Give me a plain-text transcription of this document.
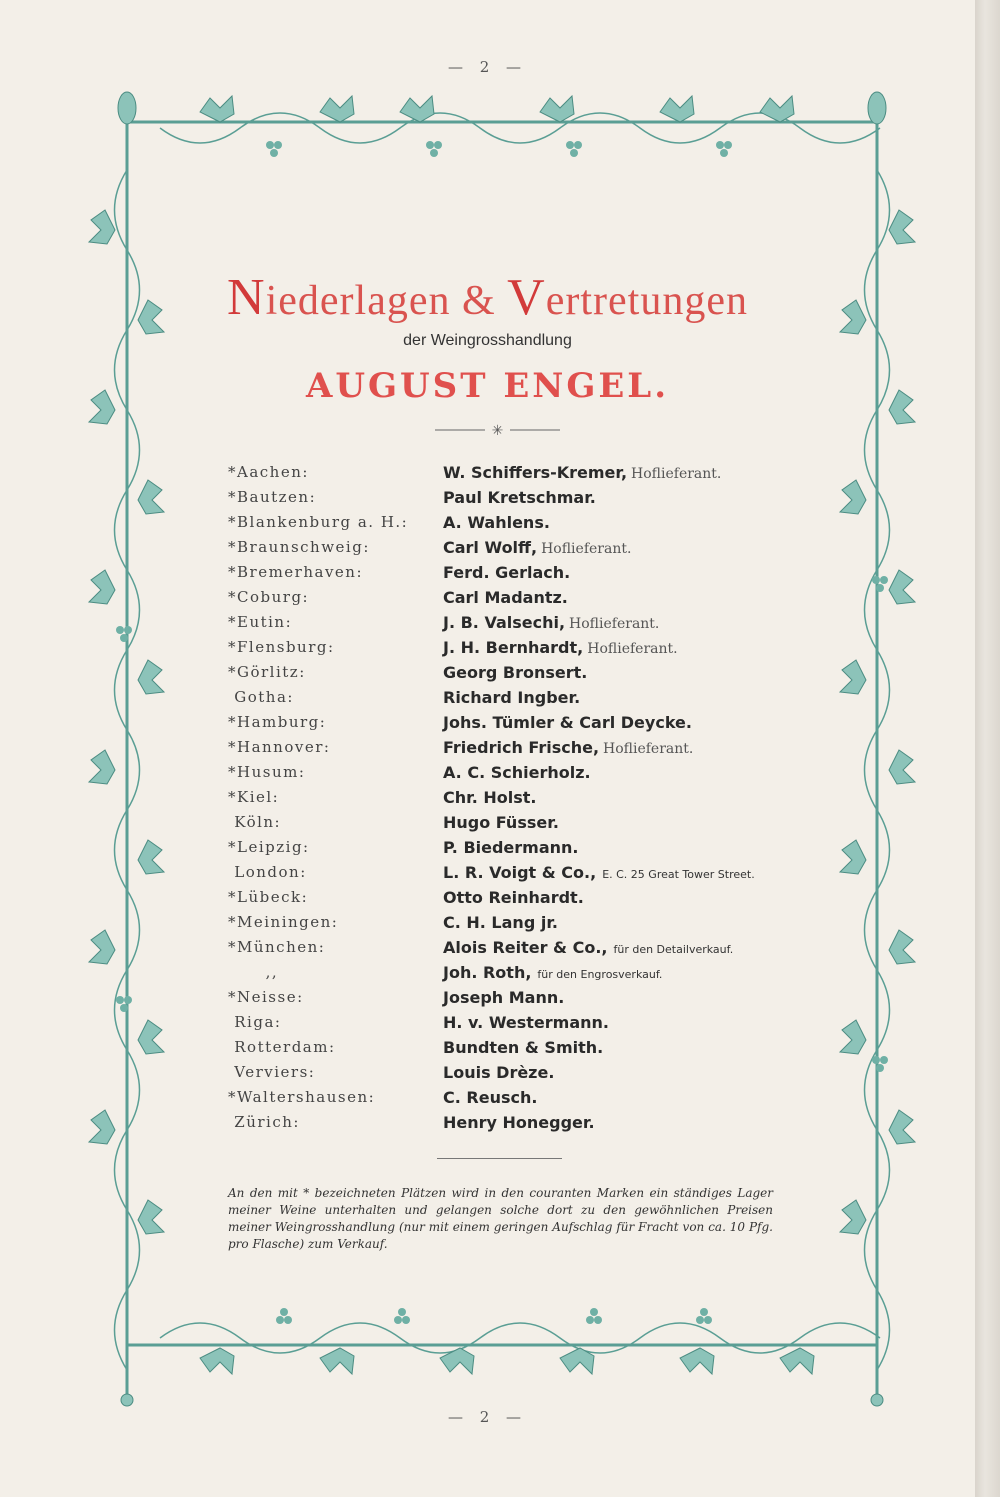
— 2 —
Niederlagen & Vertretungen
der Weingrosshandlung
AUGUST ENGEL.
✳
*Aachen:	W. Schiffers-Kremer, Hoflieferant.
*Bautzen:	Paul Kretschmar.
*Blankenburg a. H.: A. Wahlens.
*Braunschweig:	Carl Wolff, Hoflieferant.
*Bremerhaven:	Ferd. Gerlach.
*Coburg:	Carl Madantz.
*Eutin:	J. B. Valsechi, Hoflieferant.
*Flensburg:	J. H. Bernhardt, Hoflieferant.
*Görlitz:	Georg Bronsert.
Gotha:	Richard Ingber.
*Hamburg:	Johs. Tümler & Carl Deycke.
*Hannover:	Friedrich Frische, Hoflieferant.
*Husum:	A. C. Schierholz.
*Kiel:	Chr. Holst.
Köln:	Hugo Füsser.
*Leipzig:	P. Biedermann.
London:	L. R. Voigt & Co., E. C. 25 Great Tower Street.
*Lübeck:	Otto Reinhardt.
*Meiningen:	C. H. Lang jr.
*München:	Alois Reiter & Co., für den Detailverkauf.
,,	Joh. Roth, für den Engrosverkauf.
*Neisse:	Joseph Mann.
Riga:	H. v. Westermann.
Rotterdam:	Bundten & Smith.
Verviers:	Louis Drèze.
*Waltershausen:	C. Reusch.
Zürich:	Henry Honegger.
An den mit * bezeichneten Plätzen wird in den couranten Marken ein ständiges Lager meiner Weine unterhalten und gelangen solche dort zu den gewöhnlichen Preisen meiner Weingrosshandlung (nur mit einem geringen Aufschlag für Fracht von ca. 10 Pfg. pro Flasche) zum Verkauf.
— 2 —
